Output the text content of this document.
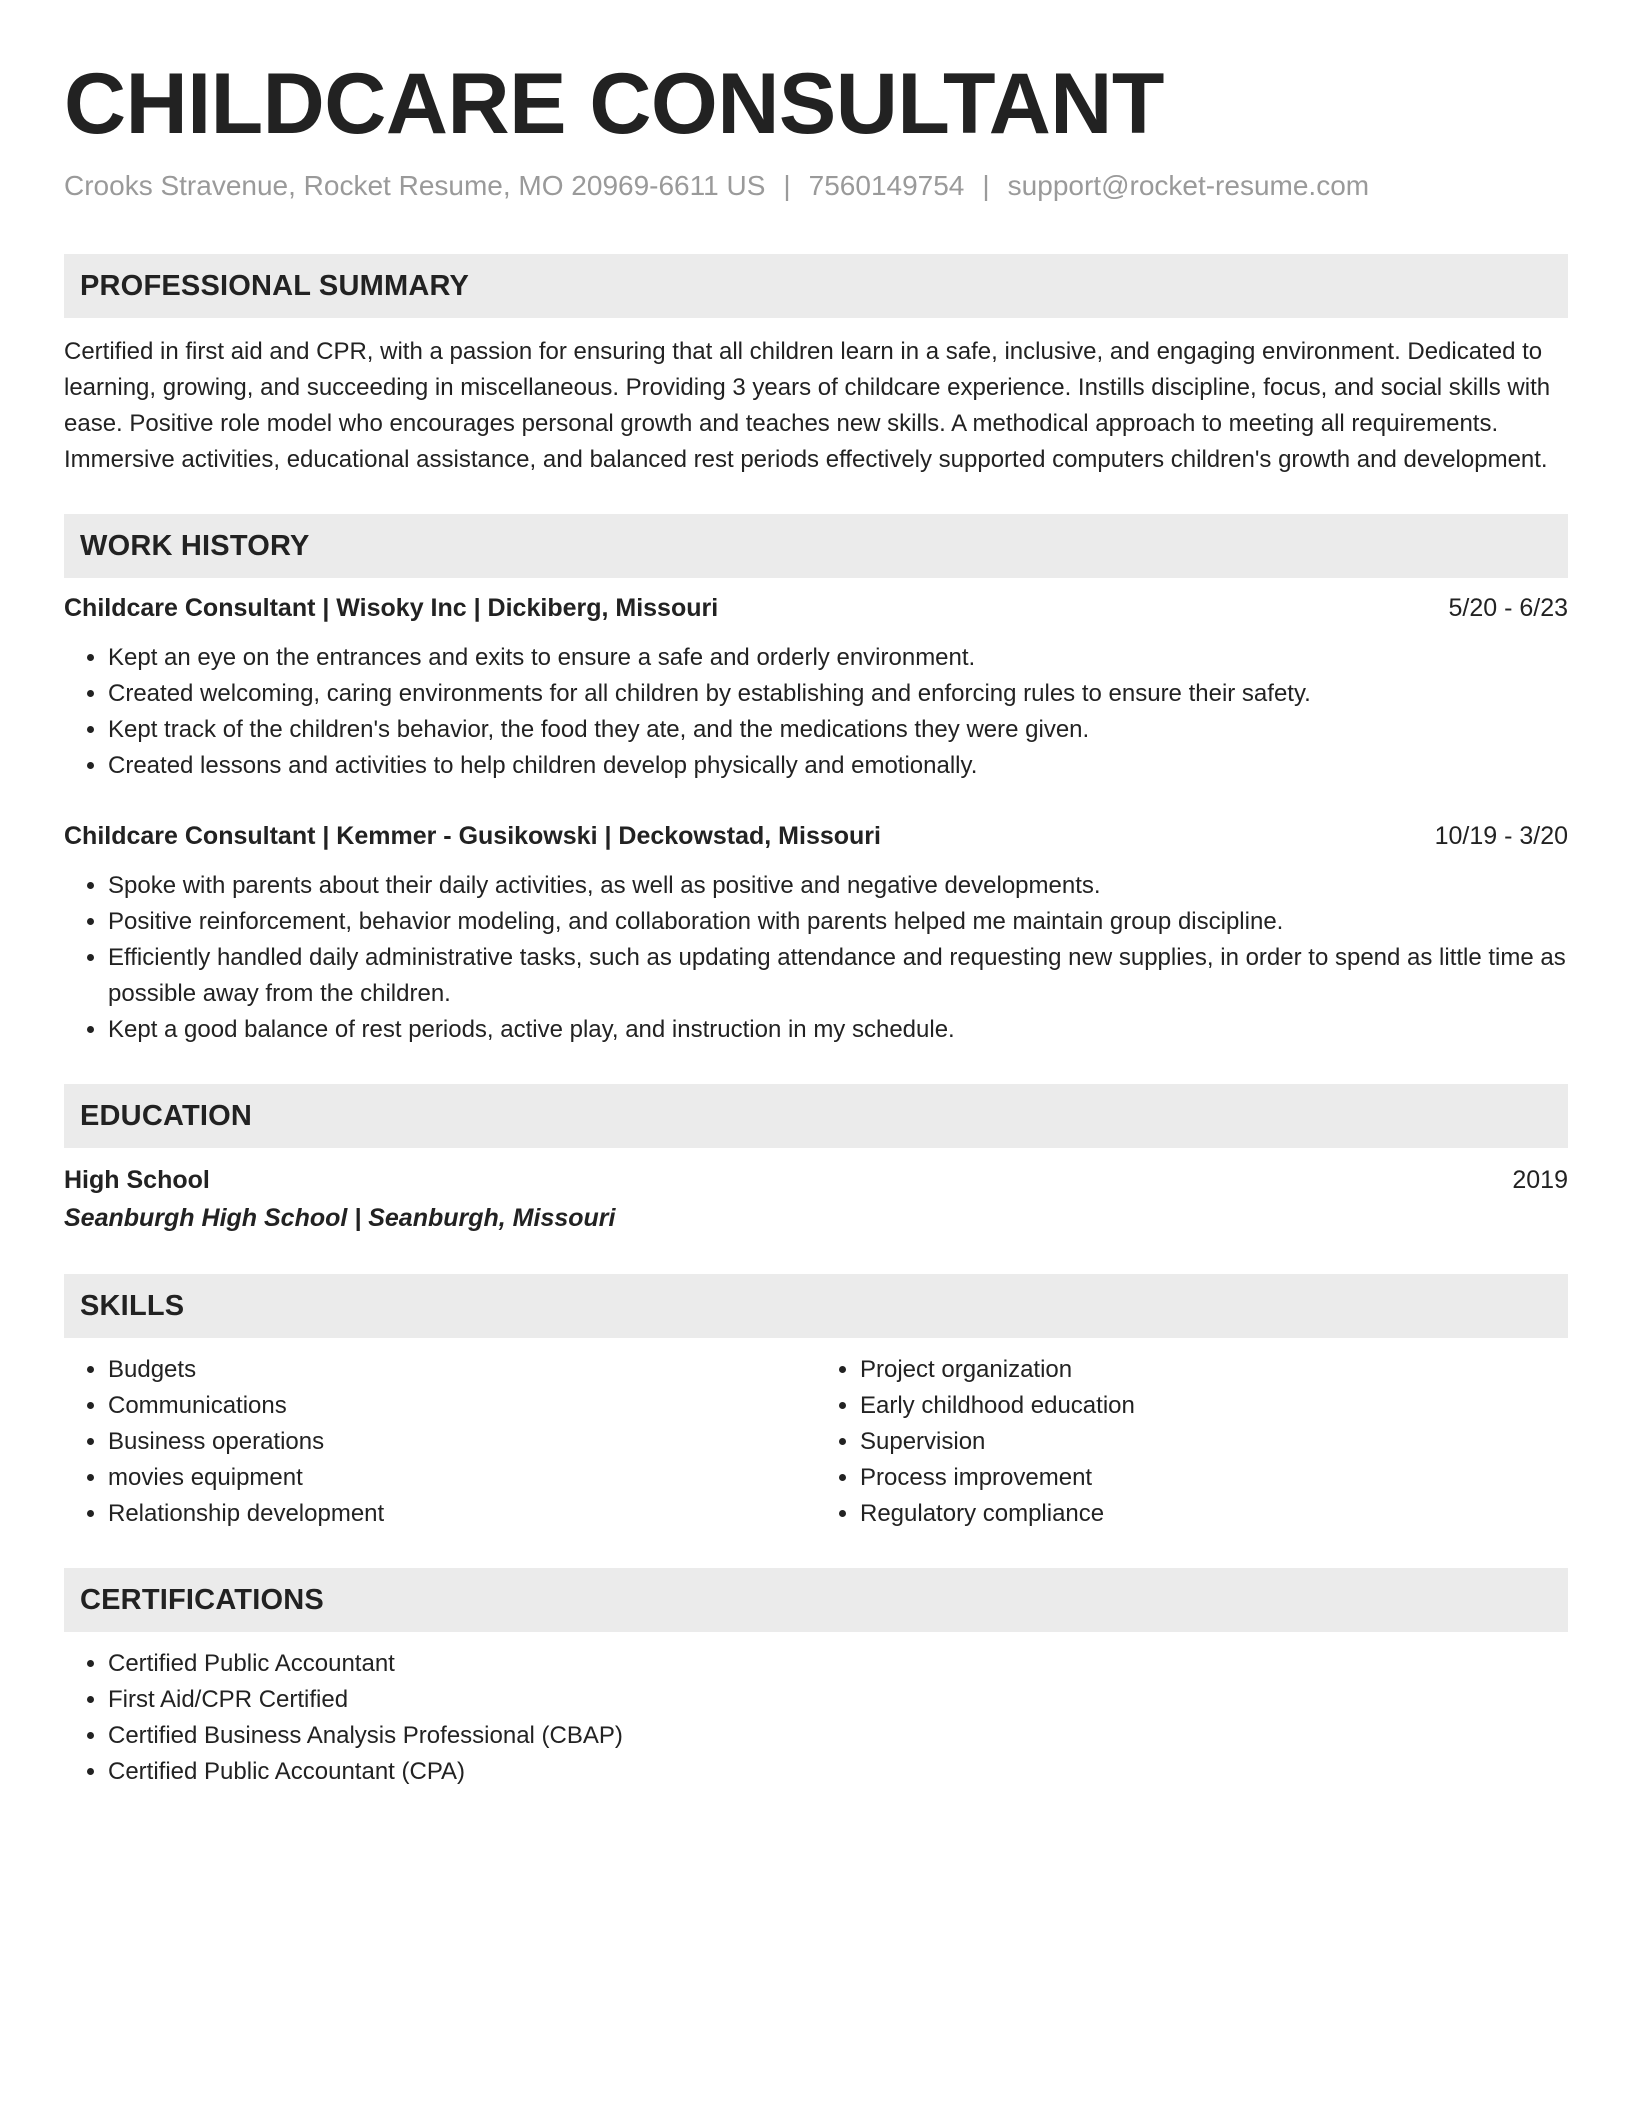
CHILDCARE CONSULTANT
Crooks Stravenue, Rocket Resume, MO 20969-6611 US | 7560149754 | support@rocket-resume.com
PROFESSIONAL SUMMARY
Certified in first aid and CPR, with a passion for ensuring that all children learn in a safe, inclusive, and engaging environment. Dedicated to learning, growing, and succeeding in miscellaneous. Providing 3 years of childcare experience. Instills discipline, focus, and social skills with ease. Positive role model who encourages personal growth and teaches new skills. A methodical approach to meeting all requirements. Immersive activities, educational assistance, and balanced rest periods effectively supported computers children's growth and development.
WORK HISTORY
Childcare Consultant | Wisoky Inc | Dickiberg, Missouri	5/20 - 6/23
• Kept an eye on the entrances and exits to ensure a safe and orderly environment.
• Created welcoming, caring environments for all children by establishing and enforcing rules to ensure their safety.
• Kept track of the children's behavior, the food they ate, and the medications they were given.
• Created lessons and activities to help children develop physically and emotionally.
Childcare Consultant | Kemmer - Gusikowski | Deckowstad, Missouri	10/19 - 3/20
• Spoke with parents about their daily activities, as well as positive and negative developments.
• Positive reinforcement, behavior modeling, and collaboration with parents helped me maintain group discipline.
• Efficiently handled daily administrative tasks, such as updating attendance and requesting new supplies, in order to spend as little time as possible away from the children.
• Kept a good balance of rest periods, active play, and instruction in my schedule.
EDUCATION
High School	2019
Seanburgh High School | Seanburgh, Missouri
SKILLS
• Budgets
• Communications
• Business operations
• movies equipment
• Relationship development
• Project organization
• Early childhood education
• Supervision
• Process improvement
• Regulatory compliance
CERTIFICATIONS
• Certified Public Accountant
• First Aid/CPR Certified
• Certified Business Analysis Professional (CBAP)
• Certified Public Accountant (CPA)
